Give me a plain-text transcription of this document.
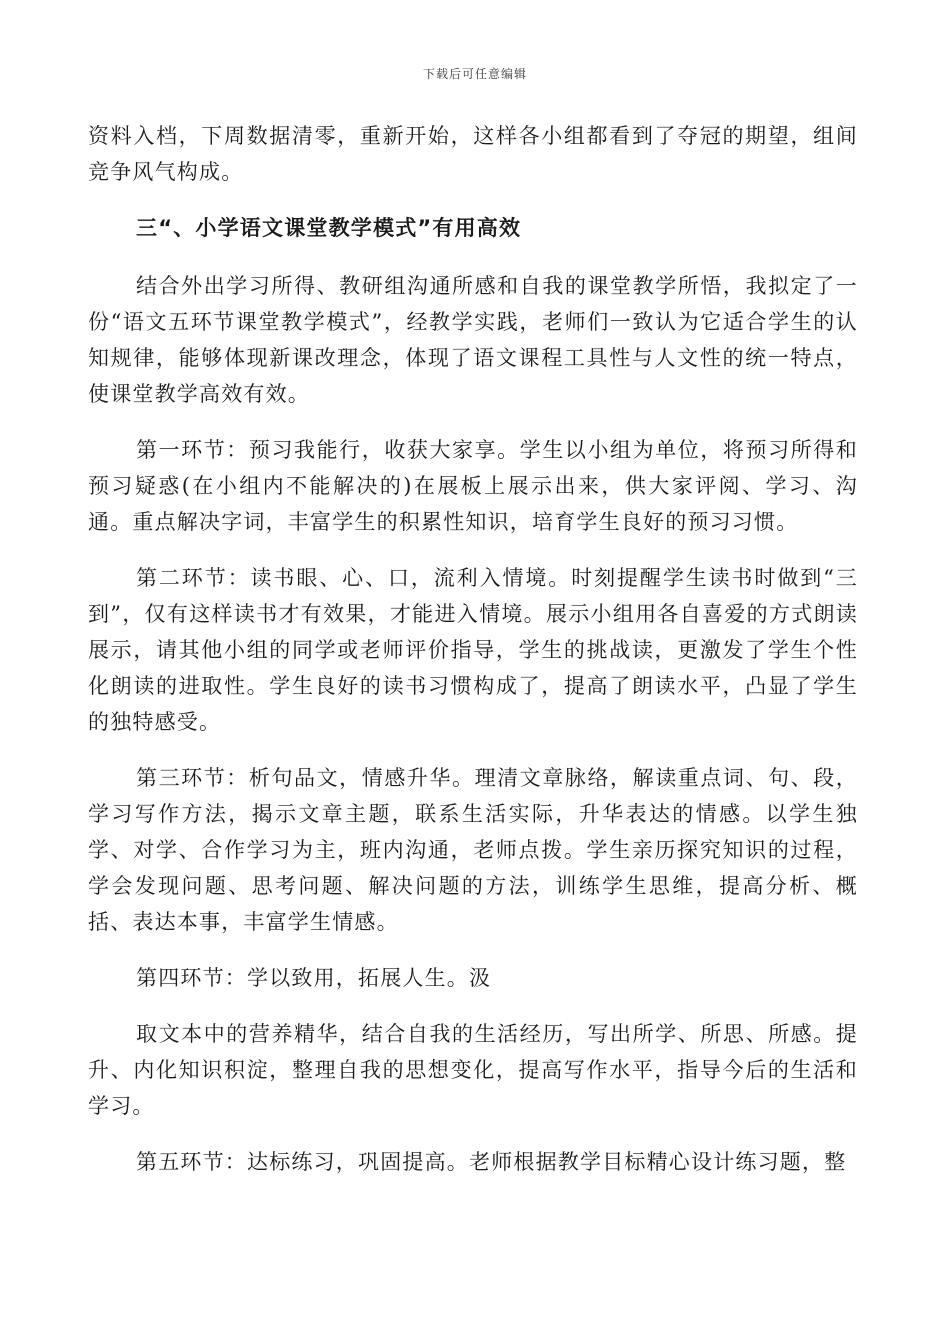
下载后可任意编辑

资料入档，下周数据清零，重新开始，这样各小组都看到了夺冠的期望，组间竞争风气构成。

三“、小学语文课堂教学模式”有用高效

结合外出学习所得、教研组沟通所感和自我的课堂教学所悟，我拟定了一份“语文五环节课堂教学模式”，经教学实践，老师们一致认为它适合学生的认知规律，能够体现新课改理念，体现了语文课程工具性与人文性的统一特点，使课堂教学高效有效。

第一环节：预习我能行，收获大家享。学生以小组为单位，将预习所得和预习疑惑(在小组内不能解决的)在展板上展示出来，供大家评阅、学习、沟通。重点解决字词，丰富学生的积累性知识，培育学生良好的预习习惯。

第二环节：读书眼、心、口，流利入情境。时刻提醒学生读书时做到“三到”，仅有这样读书才有效果，才能进入情境。展示小组用各自喜爱的方式朗读展示，请其他小组的同学或老师评价指导，学生的挑战读，更激发了学生个性化朗读的进取性。学生良好的读书习惯构成了，提高了朗读水平，凸显了学生的独特感受。

第三环节：析句品文，情感升华。理清文章脉络，解读重点词、句、段，学习写作方法，揭示文章主题，联系生活实际，升华表达的情感。以学生独学、对学、合作学习为主，班内沟通，老师点拨。学生亲历探究知识的过程，学会发现问题、思考问题、解决问题的方法，训练学生思维，提高分析、概括、表达本事，丰富学生情感。

第四环节：学以致用，拓展人生。汲

取文本中的营养精华，结合自我的生活经历，写出所学、所思、所感。提升、内化知识积淀，整理自我的思想变化，提高写作水平，指导今后的生活和学习。

第五环节：达标练习，巩固提高。老师根据教学目标精心设计练习题，整
